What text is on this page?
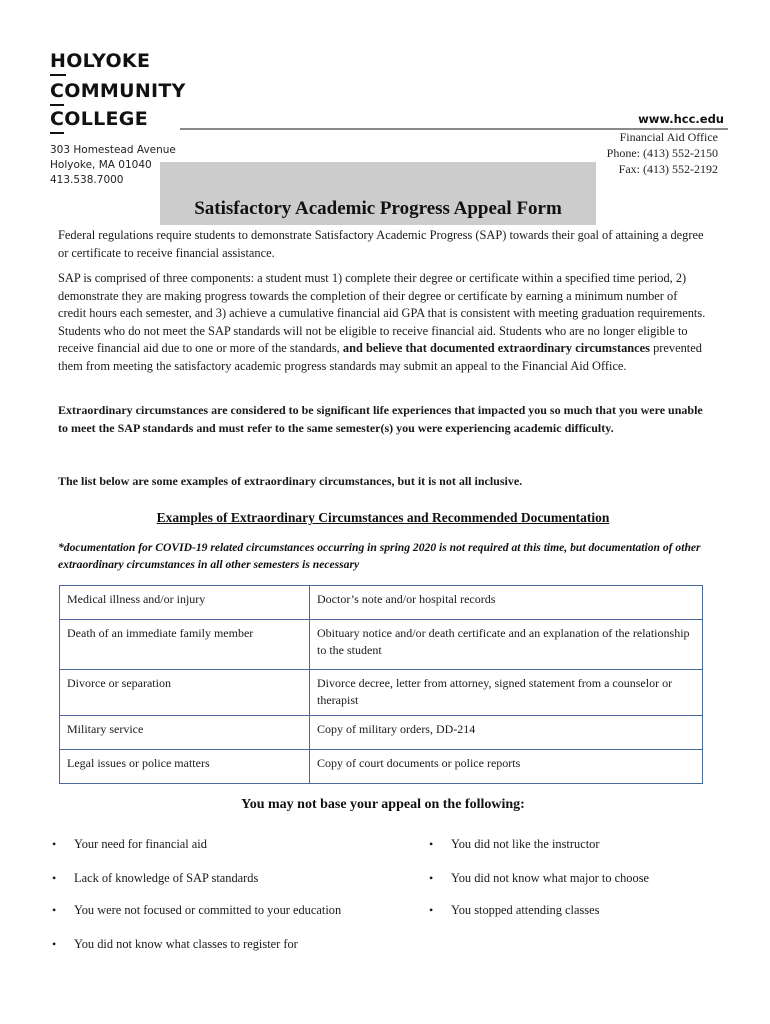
HOLYOKE
COMMUNITY
COLLEGE
303 Homestead Avenue
Holyoke, MA 01040
413.538.7000
www.hcc.edu
Financial Aid Office
Phone: (413) 552-2150
Fax: (413) 552-2192
Satisfactory Academic Progress Appeal Form
Federal regulations require students to demonstrate Satisfactory Academic Progress (SAP) towards their goal of attaining a degree or certificate to receive financial assistance.
SAP is comprised of three components: a student must 1) complete their degree or certificate within a specified time period, 2) demonstrate they are making progress towards the completion of their degree or certificate by earning a minimum number of credit hours each semester, and 3) achieve a cumulative financial aid GPA that is consistent with meeting graduation requirements. Students who do not meet the SAP standards will not be eligible to receive financial aid. Students who are no longer eligible to receive financial aid due to one or more of the standards, and believe that documented extraordinary circumstances prevented them from meeting the satisfactory academic progress standards may submit an appeal to the Financial Aid Office.
Extraordinary circumstances are considered to be significant life experiences that impacted you so much that you were unable to meet the SAP standards and must refer to the same semester(s) you were experiencing academic difficulty.
The list below are some examples of extraordinary circumstances, but it is not all inclusive.
Examples of Extraordinary Circumstances and Recommended Documentation
*documentation for COVID-19 related circumstances occurring in spring 2020 is not required at this time, but documentation of other extraordinary circumstances in all other semesters is necessary
Medical illness and/or injury	Doctor’s note and/or hospital records
Death of an immediate family member	Obituary notice and/or death certificate and an explanation of the relationship to the student
Divorce or separation	Divorce decree, letter from attorney, signed statement from a counselor or therapist
Military service	Copy of military orders, DD-214
Legal issues or police matters	Copy of court documents or police reports
You may not base your appeal on the following:
• Your need for financial aid
• Lack of knowledge of SAP standards
• You were not focused or committed to your education
• You did not know what classes to register for
• You did not like the instructor
• You did not know what major to choose
• You stopped attending classes
